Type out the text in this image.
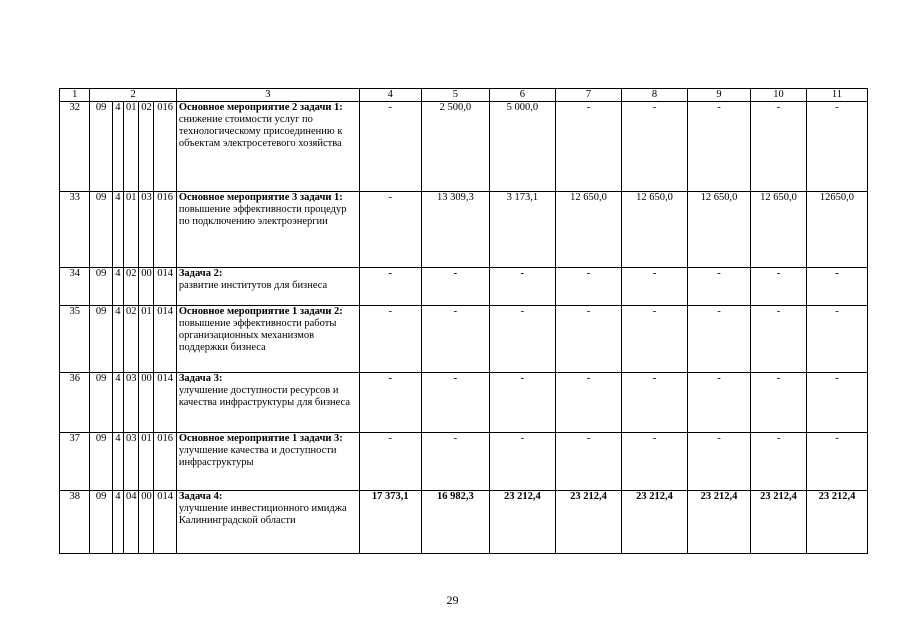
1	2					3	4	5	6	7	8	9	10	11
32	09	4	01	02	016	Основное мероприятие 2 задачи 1:
снижение стоимости услуг по технологическому присоединению к объектам электросетевого хозяйства	-	2 500,0	5 000,0	-	-	-	-	-
33	09	4	01	03	016	Основное мероприятие 3 задачи 1:
повышение эффективности процедур по подключению электроэнергии	-	13 309,3	3 173,1	12 650,0	12 650,0	12 650,0	12 650,0	12650,0
34	09	4	02	00	014	Задача 2:
развитие институтов для бизнеса	-	-	-	-	-	-	-	-
35	09	4	02	01	014	Основное мероприятие 1 задачи 2:
повышение эффективности работы организационных механизмов поддержки бизнеса	-	-	-	-	-	-	-	-
36	09	4	03	00	014	Задача 3:
улучшение доступности ресурсов и качества инфраструктуры для бизнеса	-	-	-	-	-	-	-	-
37	09	4	03	01	016	Основное мероприятие 1 задачи 3:
улучшение качества и доступности инфраструктуры	-	-	-	-	-	-	-	-
38	09	4	04	00	014	Задача 4:
улучшение инвестиционного имиджа Калининградской области	17 373,1	16 982,3	23 212,4	23 212,4	23 212,4	23 212,4	23 212,4	23 212,4
29
